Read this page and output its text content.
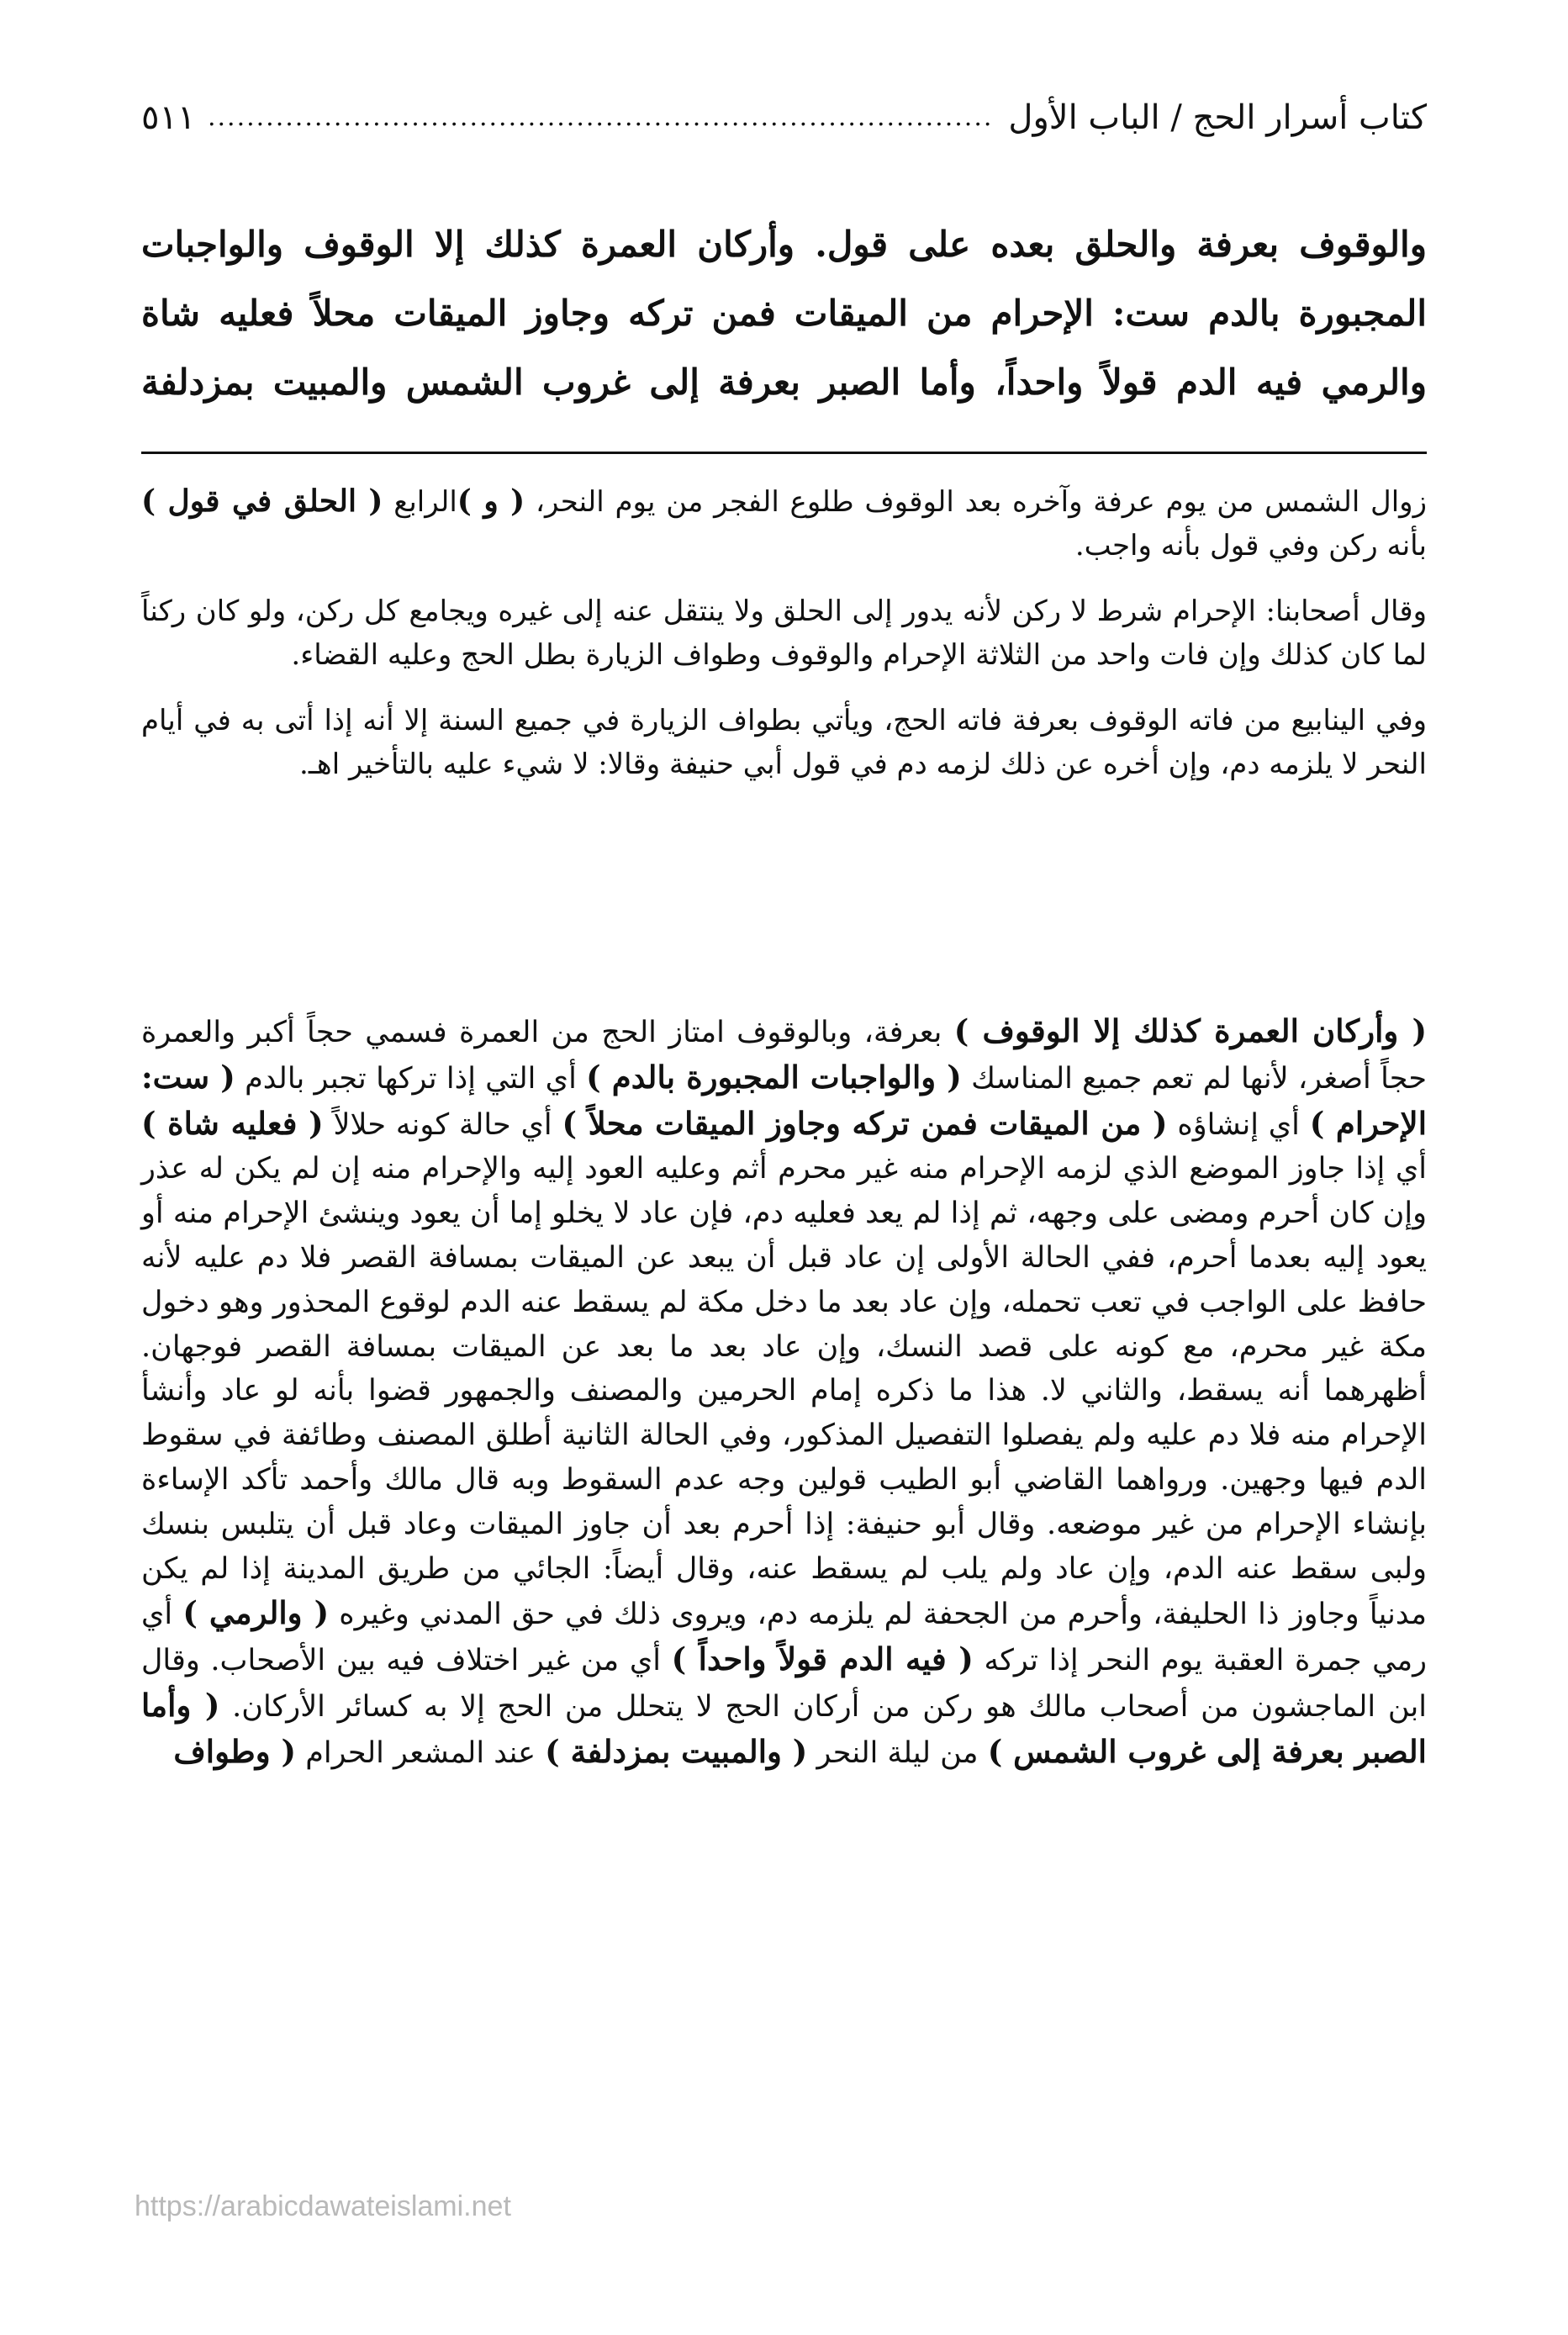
كتاب أسرار الحج / الباب الأول
.....
٥١١

والوقوف بعرفة والحلق بعده على قول. وأركان العمرة كذلك إلا الوقوف والواجبات المجبورة بالدم ست: الإحرام من الميقات فمن تركه وجاوز الميقات محلاً فعليه شاة والرمي فيه الدم قولاً واحداً، وأما الصبر بعرفة إلى غروب الشمس والمبيت بمزدلفة

زوال الشمس من يوم عرفة وآخره بعد الوقوف طلوع الفجر من يوم النحر، ( و )الرابع ( الحلق في قول ) بأنه ركن وفي قول بأنه واجب.

وقال أصحابنا: الإحرام شرط لا ركن لأنه يدور إلى الحلق ولا ينتقل عنه إلى غيره ويجامع كل ركن، ولو كان ركناً لما كان كذلك وإن فات واحد من الثلاثة الإحرام والوقوف وطواف الزيارة بطل الحج وعليه القضاء.

وفي الينابيع من فاته الوقوف بعرفة فاته الحج، ويأتي بطواف الزيارة في جميع السنة إلا أنه إذا أتى به في أيام النحر لا يلزمه دم، وإن أخره عن ذلك لزمه دم في قول أبي حنيفة وقالا: لا شيء عليه بالتأخير اهـ.

( وأركان العمرة كذلك إلا الوقوف ) بعرفة، وبالوقوف امتاز الحج من العمرة فسمي حجاً أكبر والعمرة حجاً أصغر، لأنها لم تعم جميع المناسك ( والواجبات المجبورة بالدم ) أي التي إذا تركها تجبر بالدم ( ست: الإحرام ) أي إنشاؤه ( من الميقات فمن تركه وجاوز الميقات محلاً ) أي حالة كونه حلالاً ( فعليه شاة ) أي إذا جاوز الموضع الذي لزمه الإحرام منه غير محرم أثم وعليه العود إليه والإحرام منه إن لم يكن له عذر وإن كان أحرم ومضى على وجهه، ثم إذا لم يعد فعليه دم، فإن عاد لا يخلو إما أن يعود وينشئ الإحرام منه أو يعود إليه بعدما أحرم، ففي الحالة الأولى إن عاد قبل أن يبعد عن الميقات بمسافة القصر فلا دم عليه لأنه حافظ على الواجب في تعب تحمله، وإن عاد بعد ما دخل مكة لم يسقط عنه الدم لوقوع المحذور وهو دخول مكة غير محرم، مع كونه على قصد النسك، وإن عاد بعد ما بعد عن الميقات بمسافة القصر فوجهان. أظهرهما أنه يسقط، والثاني لا. هذا ما ذكره إمام الحرمين والمصنف والجمهور قضوا بأنه لو عاد وأنشأ الإحرام منه فلا دم عليه ولم يفصلوا التفصيل المذكور، وفي الحالة الثانية أطلق المصنف وطائفة في سقوط الدم فيها وجهين. ورواهما القاضي أبو الطيب قولين وجه عدم السقوط وبه قال مالك وأحمد تأكد الإساءة بإنشاء الإحرام من غير موضعه. وقال أبو حنيفة: إذا أحرم بعد أن جاوز الميقات وعاد قبل أن يتلبس بنسك ولبى سقط عنه الدم، وإن عاد ولم يلب لم يسقط عنه، وقال أيضاً: الجائي من طريق المدينة إذا لم يكن مدنياً وجاوز ذا الحليفة، وأحرم من الجحفة لم يلزمه دم، ويروى ذلك في حق المدني وغيره ( والرمي ) أي رمي جمرة العقبة يوم النحر إذا تركه ( فيه الدم قولاً واحداً ) أي من غير اختلاف فيه بين الأصحاب. وقال ابن الماجشون من أصحاب مالك هو ركن من أركان الحج لا يتحلل من الحج إلا به كسائر الأركان. ( وأما الصبر بعرفة إلى غروب الشمس ) من ليلة النحر ( والمبيت بمزدلفة ) عند المشعر الحرام ( وطواف

https://arabicdawateislami.net
